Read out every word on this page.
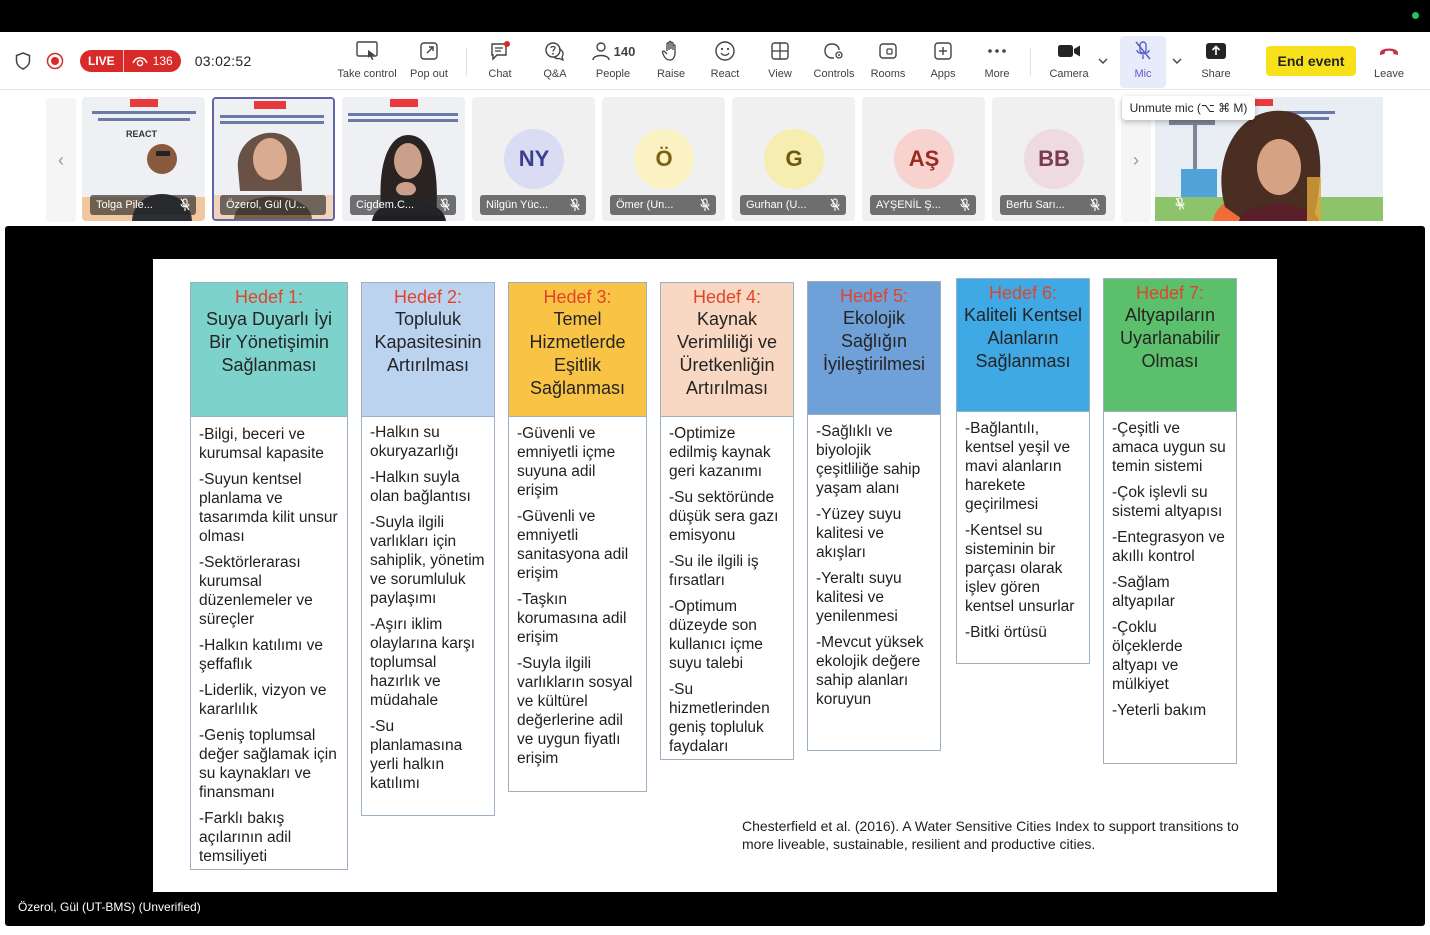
LIVE	136 03:02:52
Take control Pop out	Chat	Q&A
140
People Raise React	View Controls Rooms Apps	More	Camera	Mic	Share
End event
Leave
‹
REACT
Tolga Pile...	Özerol, Gül (U...	Cigdem.C...
NY
Nilgün Yüc...
Ö
Ömer (Un...
G
Gurhan (U...
AŞ
AYŞENİL Ş...
BB
Berfu Sarı...
›
Unmute mic (⌥ ⌘ M)
Hedef 1:
Suya Duyarlı İyi Bir Yönetişimin Sağlanması
-Bilgi, beceri ve kurumsal kapasite
-Suyun kentsel planlama ve tasarımda kilit unsur olması
-Sektörlerarası kurumsal düzenlemeler ve süreçler
-Halkın katılımı ve şeffaflık
-Liderlik, vizyon ve kararlılık
-Geniş toplumsal değer sağlamak için su kaynakları ve finansmanı
-Farklı bakış açılarının adil temsiliyeti
Hedef 2:
Topluluk Kapasitesinin Artırılması
-Halkın su okuryazarlığı
-Halkın suyla olan bağlantısı
-Suyla ilgili varlıkları için sahiplik, yönetim ve sorumluluk paylaşımı
-Aşırı iklim olaylarına karşı toplumsal hazırlık ve müdahale
-Su planlamasına yerli halkın katılımı
Hedef 3:
Temel Hizmetlerde Eşitlik Sağlanması
-Güvenli ve emniyetli içme suyuna adil erişim
-Güvenli ve emniyetli sanitasyona adil erişim
-Taşkın korumasına adil erişim
-Suyla ilgili varlıkların sosyal ve kültürel değerlerine adil ve uygun fiyatlı erişim
Hedef 4:
Kaynak Verimliliği ve Üretkenliğin Artırılması
-Optimize edilmiş kaynak geri kazanımı
-Su sektöründe düşük sera gazı emisyonu
-Su ile ilgili iş fırsatları
-Optimum düzeyde son kullanıcı içme suyu talebi
-Su hizmetlerinden geniş topluluk faydaları
Hedef 5:
Ekolojik Sağlığın İyileştirilmesi
-Sağlıklı ve biyolojik çeşitliliğe sahip yaşam alanı
-Yüzey suyu kalitesi ve akışları
-Yeraltı suyu kalitesi ve yenilenmesi
-Mevcut yüksek ekolojik değere sahip alanları koruyun
Hedef 6:
Kaliteli Kentsel Alanların Sağlanması
-Bağlantılı, kentsel yeşil ve mavi alanların harekete geçirilmesi
-Kentsel su sisteminin bir parçası olarak işlev gören kentsel unsurlar
-Bitki örtüsü
Hedef 7:
Altyapıların Uyarlanabilir Olması
-Çeşitli ve amaca uygun su temin sistemi
-Çok işlevli su sistemi altyapısı
-Entegrasyon ve akıllı kontrol
-Sağlam altyapılar
-Çoklu ölçeklerde altyapı ve mülkiyet
-Yeterli bakım
Chesterfield et al. (2016). A Water Sensitive Cities Index to support transitions to more liveable, sustainable, resilient and productive cities.
Özerol, Gül (UT-BMS) (Unverified)
